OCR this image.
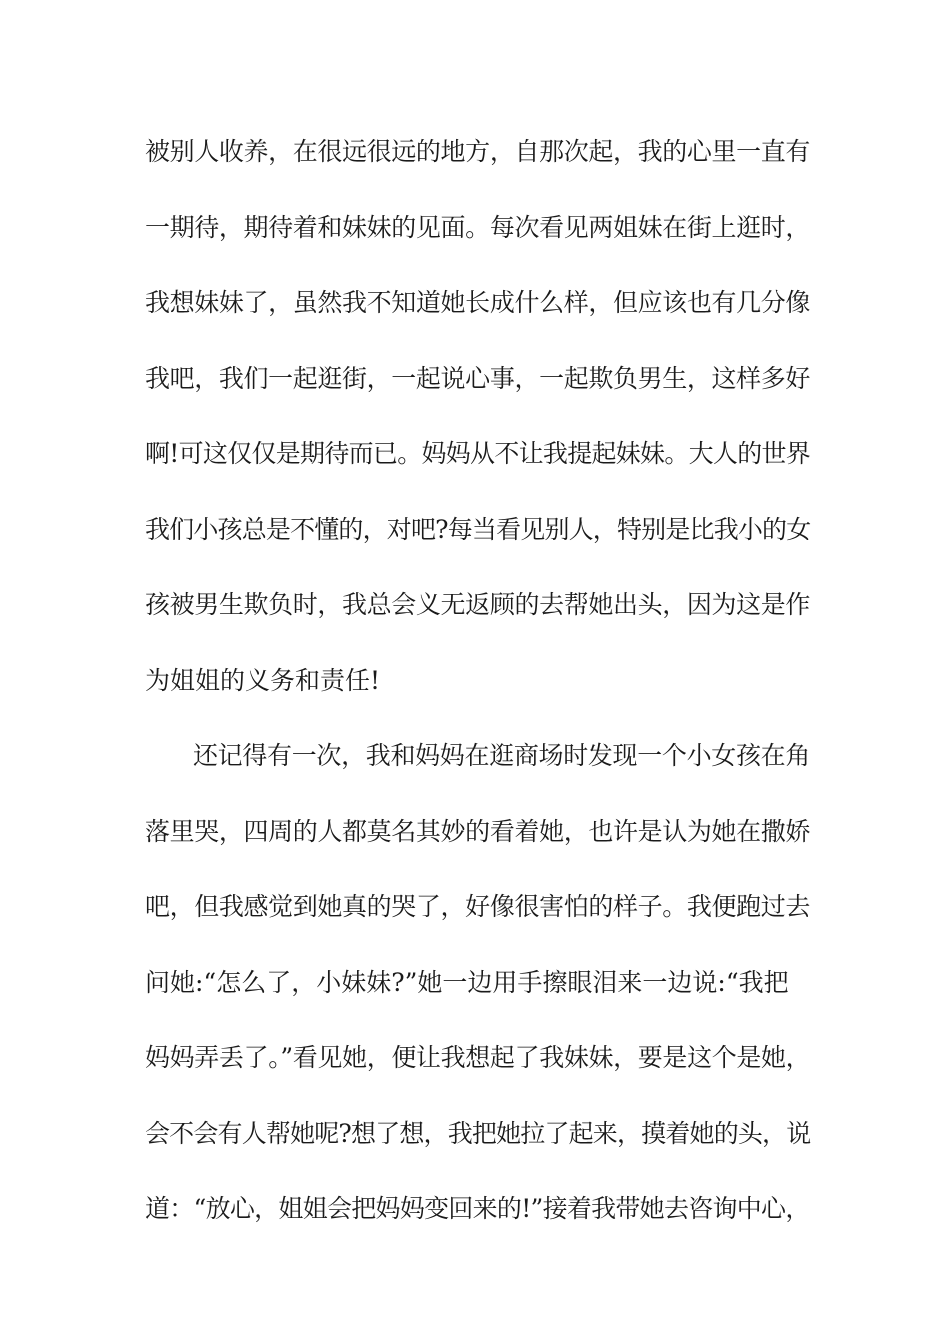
被别人收养，在很远很远的地方，自那次起，我的心里一直有
一期待，期待着和妹妹的见面。每次看见两姐妹在街上逛时，
我想妹妹了，虽然我不知道她长成什么样，但应该也有几分像
我吧，我们一起逛街，一起说心事，一起欺负男生，这样多好
啊!可这仅仅是期待而已。妈妈从不让我提起妹妹。大人的世界
我们小孩总是不懂的，对吧?每当看见别人，特别是比我小的女
孩被男生欺负时，我总会义无返顾的去帮她出头，因为这是作
为姐姐的义务和责任!
还记得有一次，我和妈妈在逛商场时发现一个小女孩在角
落里哭，四周的人都莫名其妙的看着她，也许是认为她在撒娇
吧，但我感觉到她真的哭了，好像很害怕的样子。我便跑过去
问她:“怎么了，小妹妹?”她一边用手擦眼泪来一边说:“我把
妈妈弄丢了。”看见她，便让我想起了我妹妹，要是这个是她，
会不会有人帮她呢?想了想，我把她拉了起来，摸着她的头，说
道：“放心，姐姐会把妈妈变回来的!”接着我带她去咨询中心，
